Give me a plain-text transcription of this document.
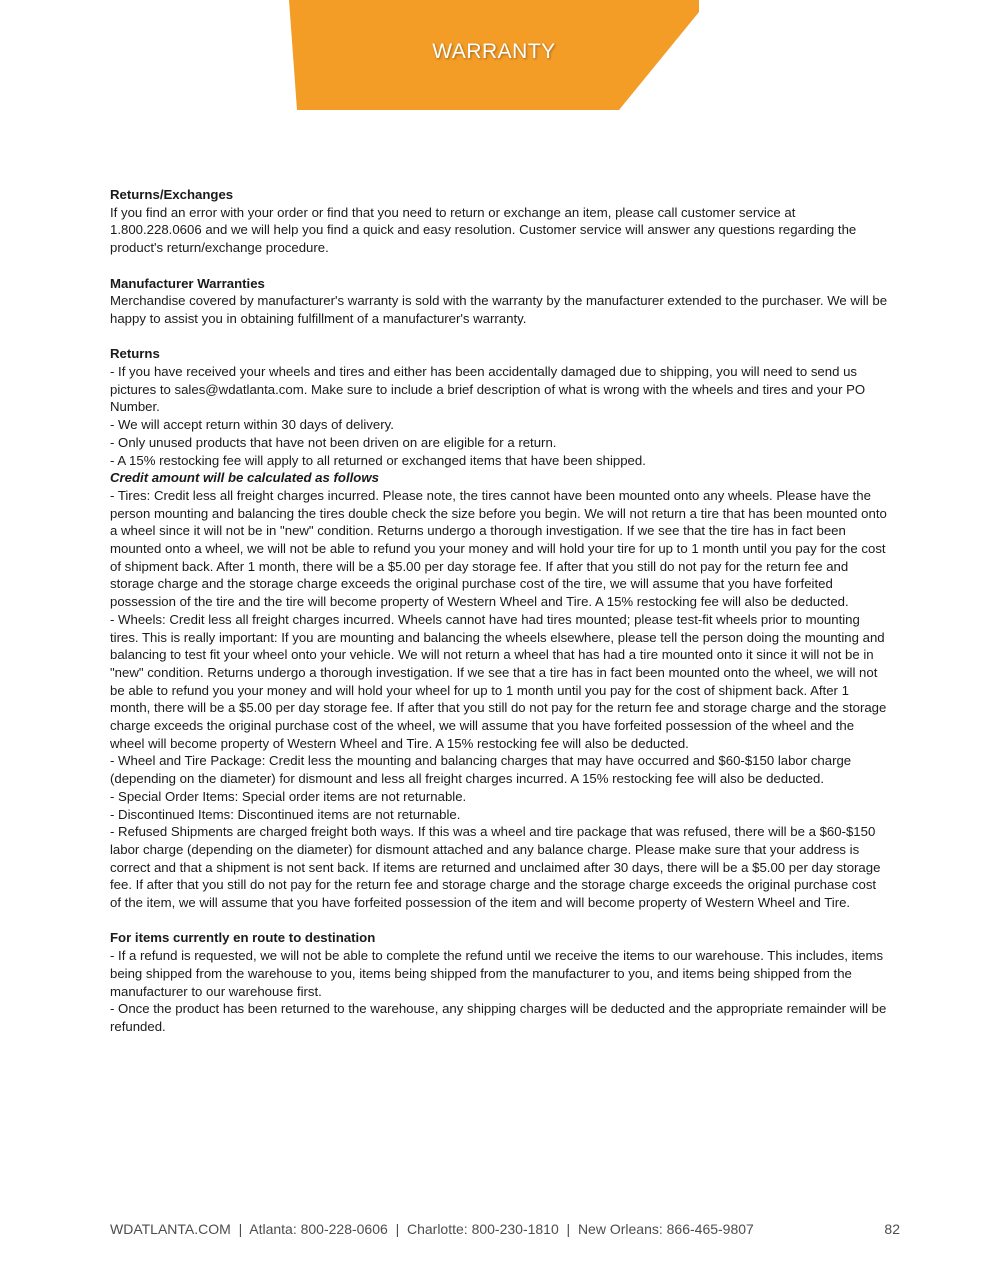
WARRANTY
Returns/Exchanges

If you find an error with your order or find that you need to return or exchange an item, please call customer service at 1.800.228.0606 and we will help you find a quick and easy resolution. Customer service will answer any questions regarding the product's return/exchange procedure.

Manufacturer Warranties

Merchandise covered by manufacturer's warranty is sold with the warranty by the manufacturer extended to the purchaser. We will be happy to assist you in obtaining fulfillment of a manufacturer's warranty.

Returns

- If you have received your wheels and tires and either has been accidentally damaged due to shipping, you will need to send us pictures to sales@wdatlanta.com. Make sure to include a brief description of what is wrong with the wheels and tires and your PO Number.

- We will accept return within 30 days of delivery.

- Only unused products that have not been driven on are eligible for a return.

- A 15% restocking fee will apply to all returned or exchanged items that have been shipped.

Credit amount will be calculated as follows

- Tires: Credit less all freight charges incurred. Please note, the tires cannot have been mounted onto any wheels. Please have the person mounting and balancing the tires double check the size before you begin. We will not return a tire that has been mounted onto a wheel since it will not be in "new" condition. Returns undergo a thorough investigation. If we see that the tire has in fact been mounted onto a wheel, we will not be able to refund you your money and will hold your tire for up to 1 month until you pay for the cost of shipment back. After 1 month, there will be a $5.00 per day storage fee. If after that you still do not pay for the return fee and storage charge and the storage charge exceeds the original purchase cost of the tire, we will assume that you have forfeited possession of the tire and the tire will become property of Western Wheel and Tire. A 15% restocking fee will also be deducted.

- Wheels: Credit less all freight charges incurred. Wheels cannot have had tires mounted; please test-fit wheels prior to mounting tires. This is really important: If you are mounting and balancing the wheels elsewhere, please tell the person doing the mounting and balancing to test fit your wheel onto your vehicle. We will not return a wheel that has had a tire mounted onto it since it will not be in "new" condition. Returns undergo a thorough investigation. If we see that a tire has in fact been mounted onto the wheel, we will not be able to refund you your money and will hold your wheel for up to 1 month until you pay for the cost of shipment back. After 1 month, there will be a $5.00 per day storage fee. If after that you still do not pay for the return fee and storage charge and the storage charge exceeds the original purchase cost of the wheel, we will assume that you have forfeited possession of the wheel and the wheel will become property of Western Wheel and Tire. A 15% restocking fee will also be deducted.

- Wheel and Tire Package: Credit less the mounting and balancing charges that may have occurred and $60-$150 labor charge (depending on the diameter) for dismount and less all freight charges incurred. A 15% restocking fee will also be deducted.

- Special Order Items: Special order items are not returnable.

- Discontinued Items: Discontinued items are not returnable.

- Refused Shipments are charged freight both ways. If this was a wheel and tire package that was refused, there will be a $60-$150 labor charge (depending on the diameter) for dismount attached and any balance charge. Please make sure that your address is correct and that a shipment is not sent back. If items are returned and unclaimed after 30 days, there will be a $5.00 per day storage fee. If after that you still do not pay for the return fee and storage charge and the storage charge exceeds the original purchase cost of the item, we will assume that you have forfeited possession of the item and will become property of Western Wheel and Tire.

For items currently en route to destination

- If a refund is requested, we will not be able to complete the refund until we receive the items to our warehouse. This includes, items being shipped from the warehouse to you, items being shipped from the manufacturer to you, and items being shipped from the manufacturer to our warehouse first.

- Once the product has been returned to the warehouse, any shipping charges will be deducted and the appropriate remainder will be refunded.

WDATLANTA.COM  |  Atlanta: 800-228-0606  |  Charlotte: 800-230-1810  |  New Orleans: 866-465-9807	82
